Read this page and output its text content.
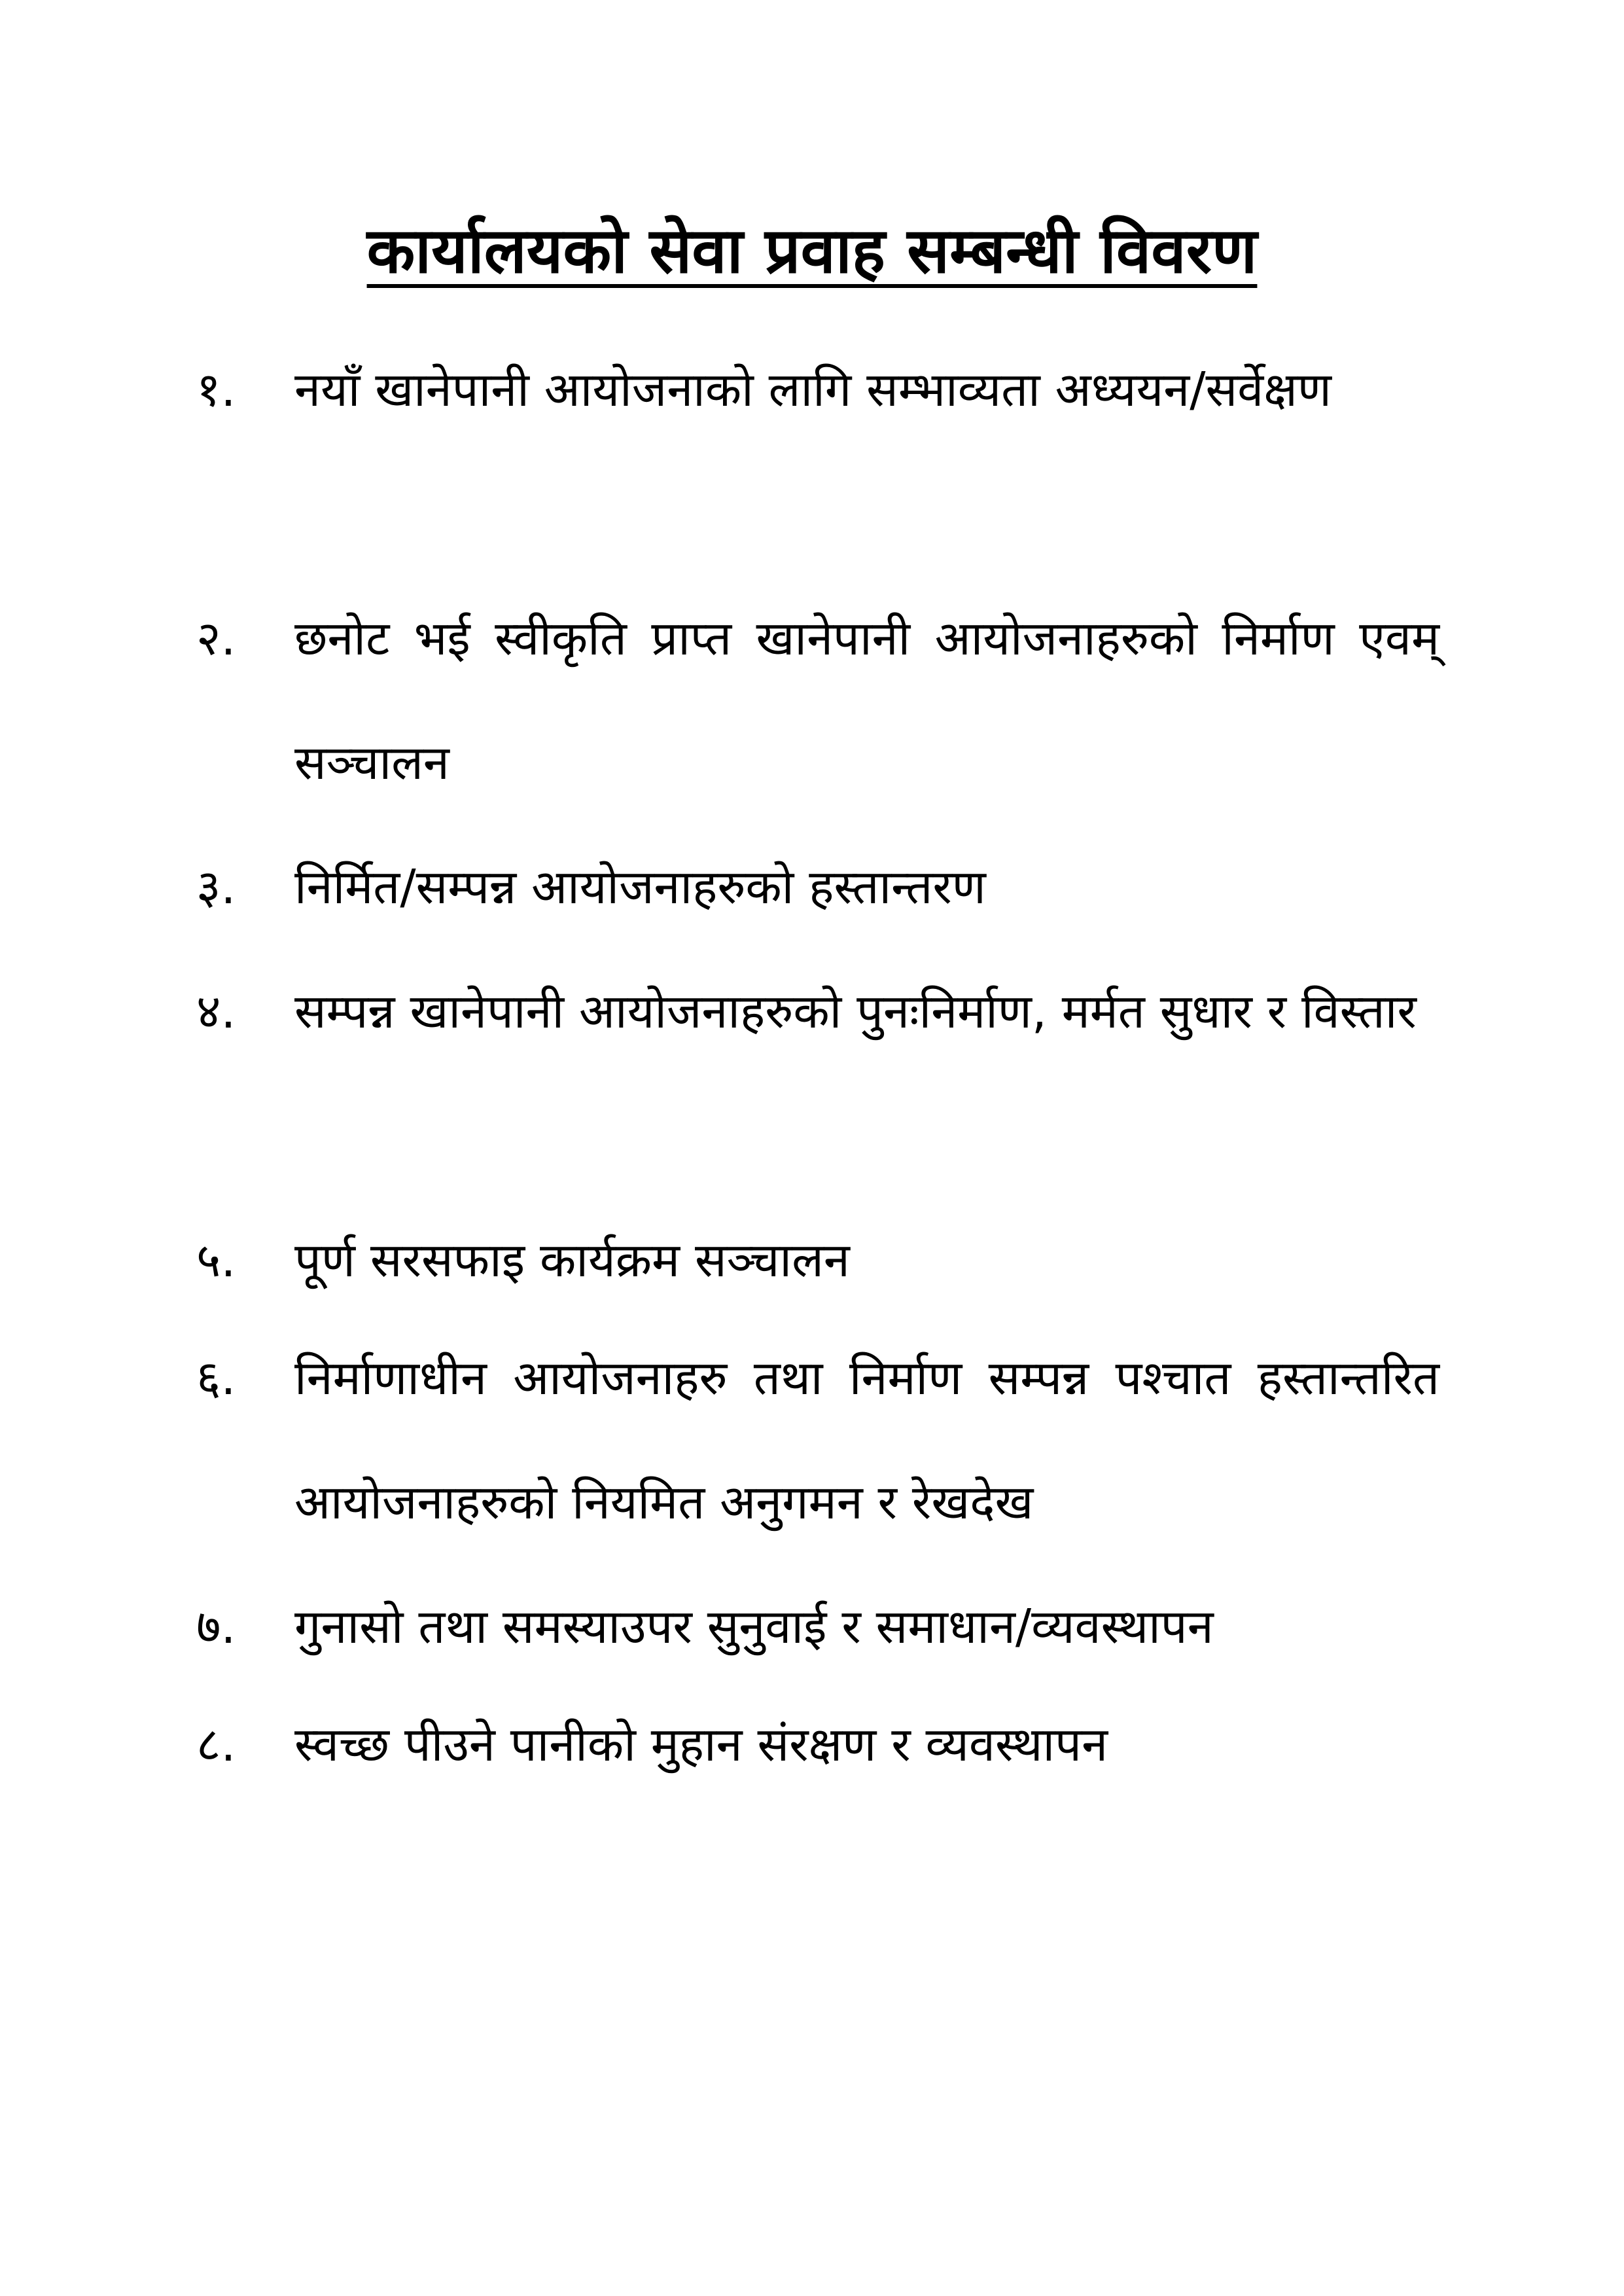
कार्यालयको सेवा प्रवाह सम्बन्धी विवरण
१.	नयाँ खानेपानी आयोजनाको लागि सम्भाव्यता अध्ययन/सर्वेक्षण
२.	छनोट भई स्वीकृति प्राप्त खानेपानी आयोजनाहरुको निर्माण एवम् सञ्चालन
३.	निर्मित/सम्पन्न आयोजनाहरुको हस्तान्तरण
४.	सम्पन्न खानेपानी आयोजनाहरुको पुनःनिर्माण, मर्मत सुधार र विस्तार
५.	पूर्ण सरसफाइ कार्यक्रम सञ्चालन
६.	निर्माणाधीन आयोजनाहरु तथा निर्माण सम्पन्न पश्चात हस्तान्तरित आयोजनाहरुको नियमित अनुगमन र रेखदेख
७.	गुनासो तथा समस्याउपर सुनुवाई र समाधान/व्यवस्थापन
८.	स्वच्छ पीउने पानीको मुहान संरक्षण र व्यवस्थापन
